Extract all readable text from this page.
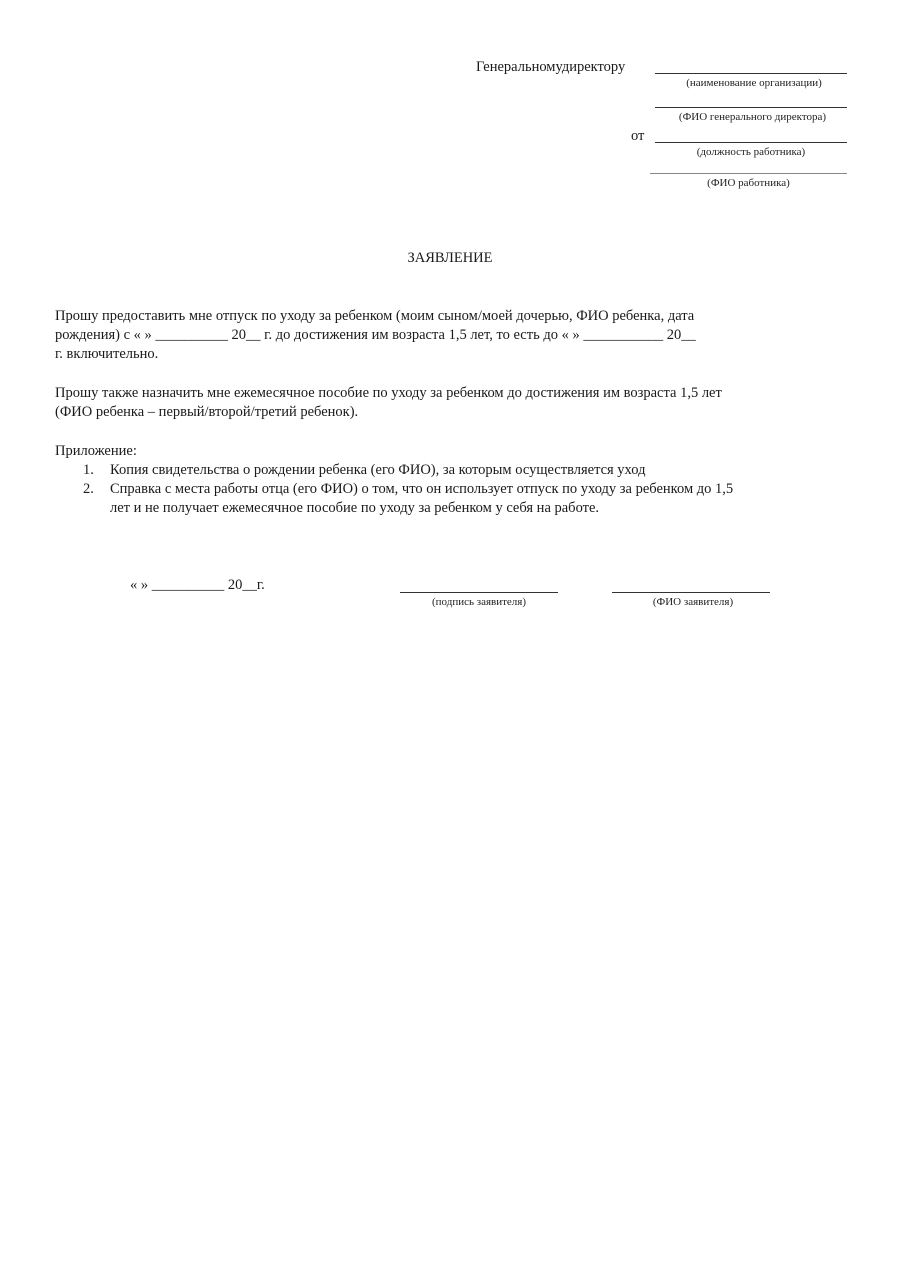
Генеральномудиректору
(наименование организации)
(ФИО генерального директора)
от
(должность работника)
(ФИО работника)
ЗАЯВЛЕНИЕ
Прошу предоставить мне отпуск по уходу за ребенком (моим сыном/моей дочерью, ФИО ребенка, дата
рождения) с « » __________ 20__ г. до достижения им возраста 1,5 лет, то есть до « » ___________ 20__
г. включительно.
Прошу также назначить мне ежемесячное пособие по уходу за ребенком до достижения им возраста 1,5 лет
(ФИО ребенка – первый/второй/третий ребенок).
Приложение:
1. Копия свидетельства о рождении ребенка (его ФИО), за которым осуществляется уход
2. Справка с места работы отца (его ФИО) о том, что он использует отпуск по уходу за ребенком до 1,5
лет и не получает ежемесячное пособие по уходу за ребенком у себя на работе.
« » __________ 20__г.
(подпись заявителя)	(ФИО заявителя)
